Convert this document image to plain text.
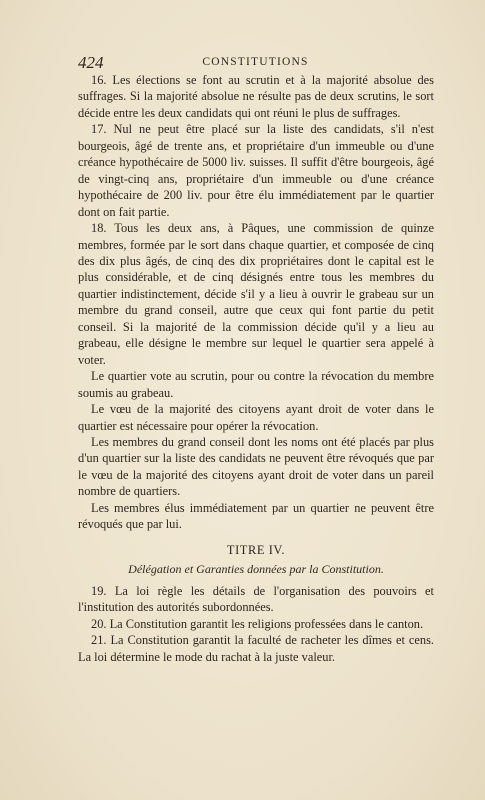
424	CONSTITUTIONS

16. Les élections se font au scrutin et à la majorité absolue des suffrages. Si la majorité absolue ne résulte pas de deux scrutins, le sort décide entre les deux candidats qui ont réuni le plus de suffrages.

17. Nul ne peut être placé sur la liste des candidats, s'il n'est bourgeois, âgé de trente ans, et propriétaire d'un immeuble ou d'une créance hypothécaire de 5000 liv. suisses. Il suffit d'être bourgeois, âgé de vingt-cinq ans, propriétaire d'un immeuble ou d'une créance hypothécaire de 200 liv. pour être élu immédiatement par le quartier dont on fait partie.

18. Tous les deux ans, à Pâques, une commission de quinze membres, formée par le sort dans chaque quartier, et composée de cinq des dix plus âgés, de cinq des dix propriétaires dont le capital est le plus considérable, et de cinq désignés entre tous les membres du quartier indistinctement, décide s'il y a lieu à ouvrir le grabeau sur un membre du grand conseil, autre que ceux qui font partie du petit conseil. Si la majorité de la commission décide qu'il y a lieu au grabeau, elle désigne le membre sur lequel le quartier sera appelé à voter.

Le quartier vote au scrutin, pour ou contre la révocation du membre soumis au grabeau.

Le vœu de la majorité des citoyens ayant droit de voter dans le quartier est nécessaire pour opérer la révocation.

Les membres du grand conseil dont les noms ont été placés par plus d'un quartier sur la liste des candidats ne peuvent être révoqués que par le vœu de la majorité des citoyens ayant droit de voter dans un pareil nombre de quartiers.

Les membres élus immédiatement par un quartier ne peuvent être révoqués que par lui.

TITRE IV.
Délégation et Garanties données par la Constitution.

19. La loi règle les détails de l'organisation des pouvoirs et l'institution des autorités subordonnées.

20. La Constitution garantit les religions professées dans le canton.

21. La Constitution garantit la faculté de racheter les dîmes et cens. La loi détermine le mode du rachat à la juste valeur.
